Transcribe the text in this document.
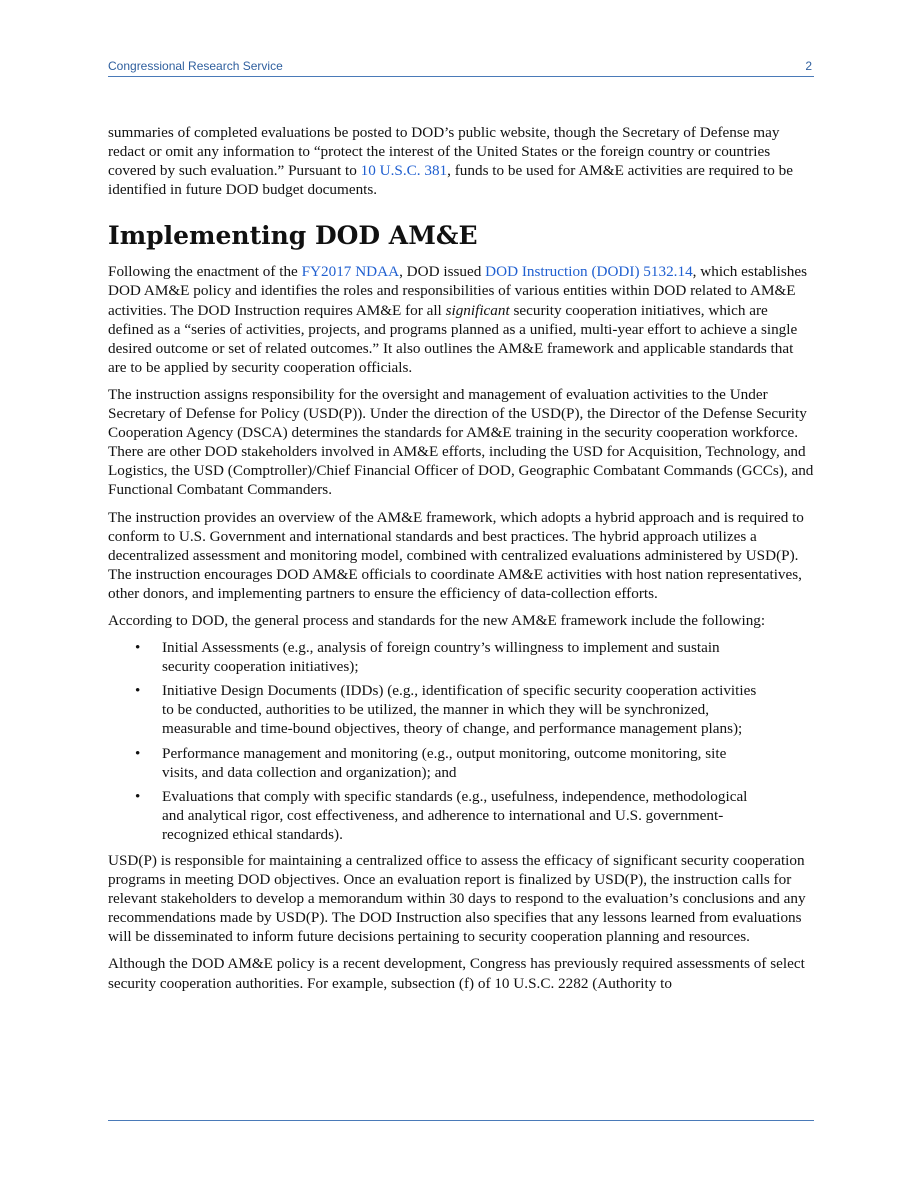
Congressional Research Service	2

summaries of completed evaluations be posted to DOD’s public website, though the Secretary of Defense may redact or omit any information to “protect the interest of the United States or the foreign country or countries covered by such evaluation.” Pursuant to 10 U.S.C. 381, funds to be used for AM&E activities are required to be identified in future DOD budget documents.

Implementing DOD AM&E

Following the enactment of the FY2017 NDAA, DOD issued DOD Instruction (DODI) 5132.14, which establishes DOD AM&E policy and identifies the roles and responsibilities of various entities within DOD related to AM&E activities. The DOD Instruction requires AM&E for all significant security cooperation initiatives, which are defined as a “series of activities, projects, and programs planned as a unified, multi-year effort to achieve a single desired outcome or set of related outcomes.” It also outlines the AM&E framework and applicable standards that are to be applied by security cooperation officials.

The instruction assigns responsibility for the oversight and management of evaluation activities to the Under Secretary of Defense for Policy (USD(P)). Under the direction of the USD(P), the Director of the Defense Security Cooperation Agency (DSCA) determines the standards for AM&E training in the security cooperation workforce. There are other DOD stakeholders involved in AM&E efforts, including the USD for Acquisition, Technology, and Logistics, the USD (Comptroller)/Chief Financial Officer of DOD, Geographic Combatant Commands (GCCs), and Functional Combatant Commanders.

The instruction provides an overview of the AM&E framework, which adopts a hybrid approach and is required to conform to U.S. Government and international standards and best practices. The hybrid approach utilizes a decentralized assessment and monitoring model, combined with centralized evaluations administered by USD(P). The instruction encourages DOD AM&E officials to coordinate AM&E activities with host nation representatives, other donors, and implementing partners to ensure the efficiency of data-collection efforts.

According to DOD, the general process and standards for the new AM&E framework include the following:

• Initial Assessments (e.g., analysis of foreign country’s willingness to implement and sustain security cooperation initiatives);
• Initiative Design Documents (IDDs) (e.g., identification of specific security cooperation activities to be conducted, authorities to be utilized, the manner in which they will be synchronized, measurable and time-bound objectives, theory of change, and performance management plans);
• Performance management and monitoring (e.g., output monitoring, outcome monitoring, site visits, and data collection and organization); and
• Evaluations that comply with specific standards (e.g., usefulness, independence, methodological and analytical rigor, cost effectiveness, and adherence to international and U.S. government-recognized ethical standards).

USD(P) is responsible for maintaining a centralized office to assess the efficacy of significant security cooperation programs in meeting DOD objectives. Once an evaluation report is finalized by USD(P), the instruction calls for relevant stakeholders to develop a memorandum within 30 days to respond to the evaluation’s conclusions and any recommendations made by USD(P). The DOD Instruction also specifies that any lessons learned from evaluations will be disseminated to inform future decisions pertaining to security cooperation planning and resources.

Although the DOD AM&E policy is a recent development, Congress has previously required assessments of select security cooperation authorities. For example, subsection (f) of 10 U.S.C. 2282 (Authority to
